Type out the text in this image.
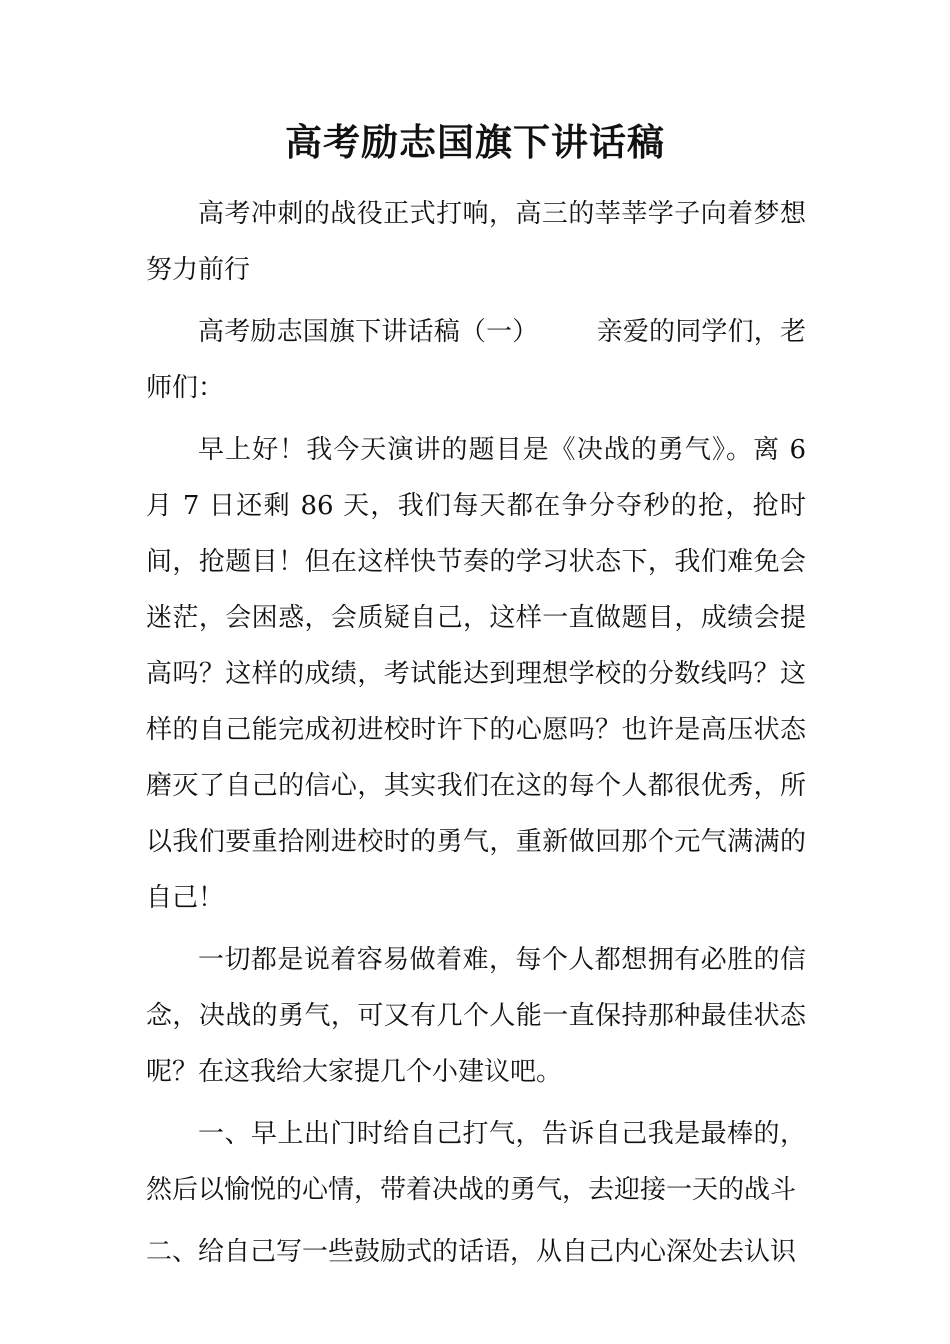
高考励志国旗下讲话稿

高考冲刺的战役正式打响，高三的莘莘学子向着梦想努力前行

高考励志国旗下讲话稿（一） 亲爱的同学们，老师们：

早上好！我今天演讲的题目是《决战的勇气》。离 6 月 7 日还剩 86 天，我们每天都在争分夺秒的抢，抢时间，抢题目！但在这样快节奏的学习状态下，我们难免会迷茫，会困惑，会质疑自己，这样一直做题目，成绩会提高吗？这样的成绩，考试能达到理想学校的分数线吗？这样的自己能完成初进校时许下的心愿吗？也许是高压状态磨灭了自己的信心，其实我们在这的每个人都很优秀，所以我们要重拾刚进校时的勇气，重新做回那个元气满满的自己！

一切都是说着容易做着难，每个人都想拥有必胜的信念，决战的勇气，可又有几个人能一直保持那种最佳状态呢？在这我给大家提几个小建议吧。

一、早上出门时给自己打气，告诉自己我是最棒的，然后以愉悦的心情，带着决战的勇气，去迎接一天的战斗

二、给自己写一些鼓励式的话语，从自己内心深处去认识
